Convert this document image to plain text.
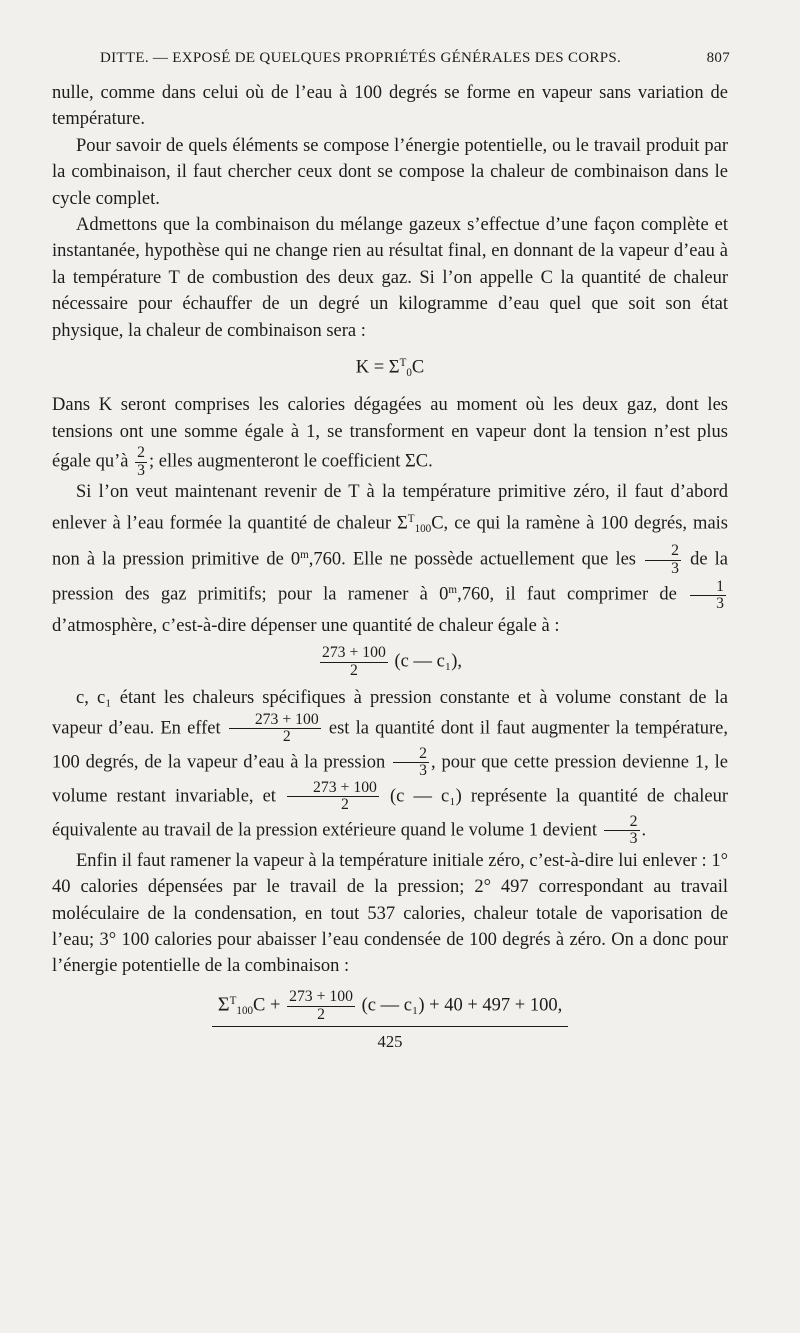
DITTE. — EXPOSÉ DE QUELQUES PROPRIÉTÉS GÉNÉRALES DES CORPS.	807

nulle, comme dans celui où de l’eau à 100 degrés se forme en vapeur sans variation de température.

Pour savoir de quels éléments se compose l’énergie potentielle, ou le travail produit par la combinaison, il faut chercher ceux dont se compose la chaleur de combinaison dans le cycle complet.

Admettons que la combinaison du mélange gazeux s’effectue d’une façon complète et instantanée, hypothèse qui ne change rien au résultat final, en donnant de la vapeur d’eau à la température T de combustion des deux gaz. Si l’on appelle C la quantité de chaleur nécessaire pour échauffer de un degré un kilogramme d’eau quel que soit son état physique, la chaleur de combinaison sera :

$K = \Sigma^T_0C$

Dans K seront comprises les calories dégagées au moment où les deux gaz, dont les tensions ont une somme égale à 1, se transforment en vapeur dont la tension n’est plus égale qu’à $\frac{2}{3}$ ; elles augmenteront le coefficient ΣC.

Si l’on veut maintenant revenir de T à la température primitive zéro, il faut d’abord enlever à l’eau formée la quantité de chaleur $\Sigma^T_{100}C$, ce qui la ramène à 100 degrés, mais non à la pression primitive de 0$^m$,760. Elle ne possède actuellement que les $\frac{2}{3}$ de la pression des gaz primitifs; pour la ramener à 0$^m$,760, il faut comprimer de $\frac{1}{3}$
d’atmosphère, c’est-à-dire dépenser une quantité de chaleur égale à :

$\frac{273 + 100}{2} (c$ — c₁),

c, c₁ étant les chaleurs spécifiques à pression constante et à volume constant de la vapeur d’eau. En effet $\frac{273 + 100}{2}$ est la quantité dont il faut augmenter la température, 100 degrés, de la vapeur d’eau à la pression $\frac{2}{3}$ , pour que cette pression devienne 1, le volume restant invariable, et $\frac{273 + 100}{2} (c$ — c₁) représente la quantité de chaleur équivalente au travail de la pression extérieure quand le volume 1 devient $\frac{2}{3}$ .

Enfin il faut ramener la vapeur à la température initiale zéro, c’est-à-dire lui enlever : 1° 40 calories dépensées par le travail de la pression; 2° 497 correspondant au travail moléculaire de la condensation, en tout 537 calories, chaleur totale de vaporisation de l’eau; 3° 100 calories pour abaisser l’eau condensée de 100 degrés à zéro. On a donc pour l’énergie potentielle de la combinaison :

$\Sigma^T_{100}C + \frac{273 + 100}{2} (c$ — c₁) + 40 + 497 + 100,
425
